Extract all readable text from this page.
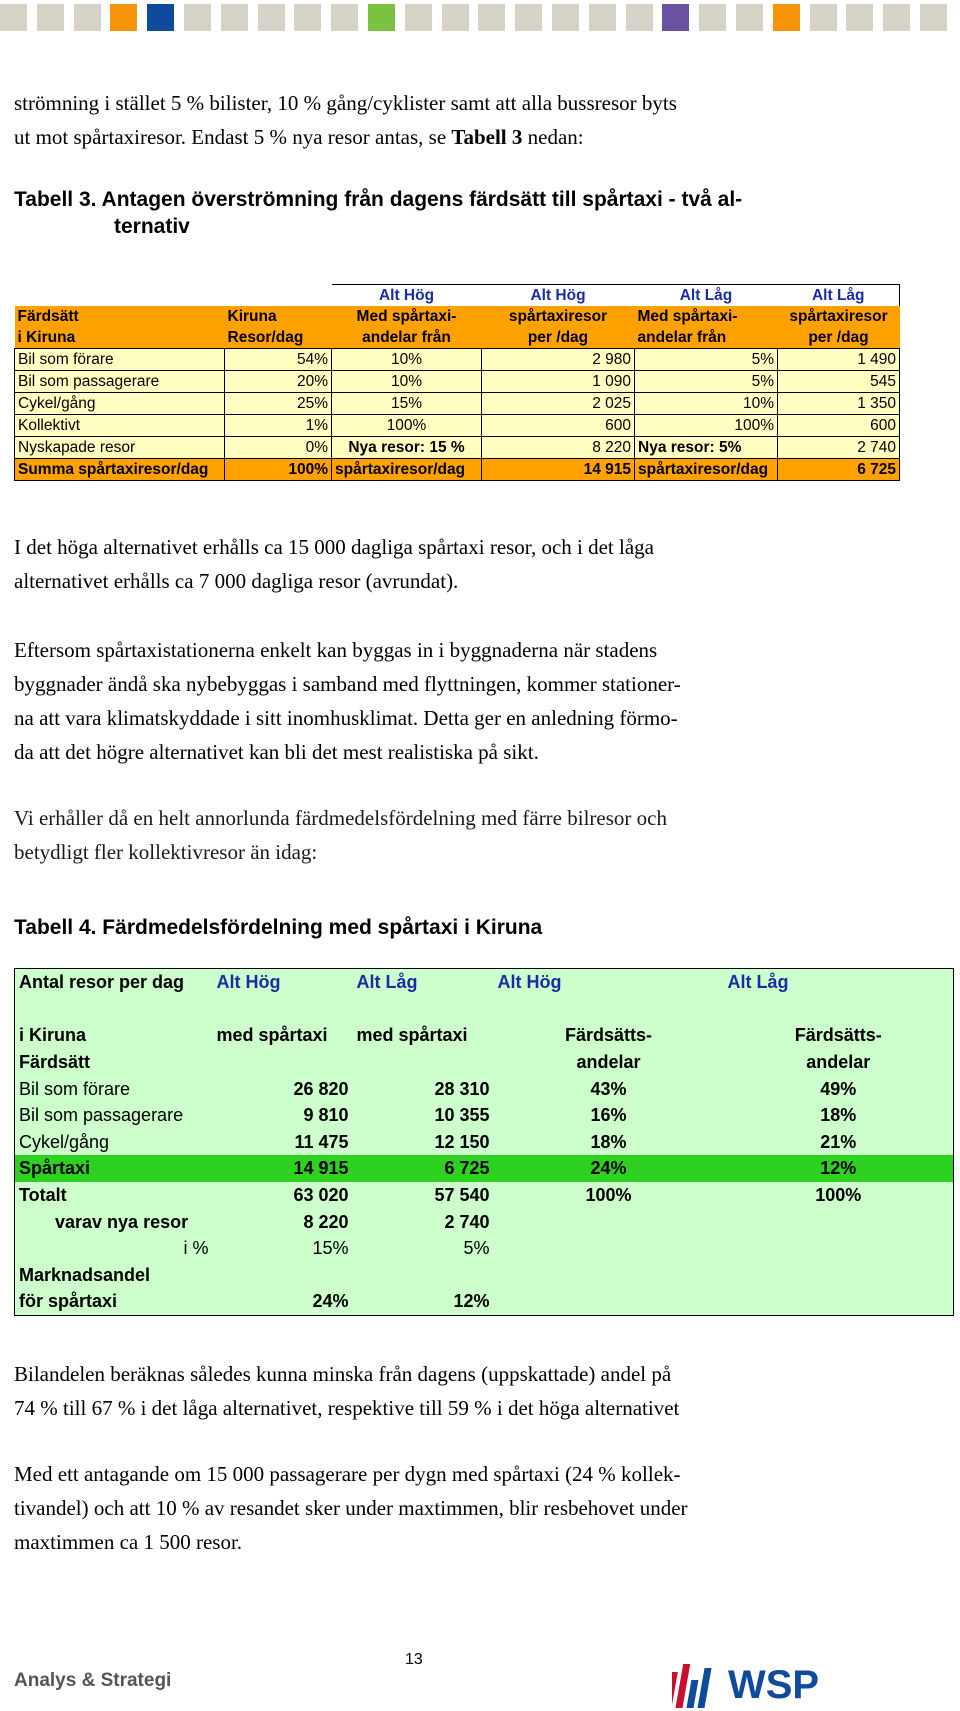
strömning i stället 5 % bilister, 10 % gång/cyklister samt att alla bussresor byts
ut mot spårtaxiresor. Endast 5 % nya resor antas, se Tabell 3 nedan:

Tabell 3. Antagen överströmning från dagens färdsätt till spårtaxi - två al-
ternativ
		Alt Hög	Alt Hög	Alt Låg	Alt Låg
Färdsätt	Kiruna	Med spårtaxi-	spårtaxiresor	Med spårtaxi-	spårtaxiresor
i Kiruna	Resor/dag	andelar från	per /dag	andelar från	per /dag
Bil som förare	54%	10%	2 980	5%	1 490
Bil som passagerare	20%	10%	1 090	5%	545
Cykel/gång	25%	15%	2 025	10%	1 350
Kollektivt	1%	100%	600	100%	600
Nyskapade resor	0%	Nya resor: 15 %	8 220	Nya resor: 5%	2 740
Summa spårtaxiresor/dag	100%	spårtaxiresor/dag	14 915	spårtaxiresor/dag	6 725

I det höga alternativet erhålls ca 15 000 dagliga spårtaxi resor, och i det låga
alternativet erhålls ca 7 000 dagliga resor (avrundat).

Eftersom spårtaxistationerna enkelt kan byggas in i byggnaderna när stadens
byggnader ändå ska nybebyggas i samband med flyttningen, kommer stationer-
na att vara klimatskyddade i sitt inomhusklimat. Detta ger en anledning förmo-
da att det högre alternativet kan bli det mest realistiska på sikt.

Vi erhåller då en helt annorlunda färdmedelsfördelning med färre bilresor och
betydligt fler kollektivresor än idag:

Tabell 4. Färdmedelsfördelning med spårtaxi i Kiruna
Antal resor per dag	Alt Hög	Alt Låg	Alt Hög	Alt Låg

i Kiruna	med spårtaxi	med spårtaxi	Färdsätts-	Färdsätts-
Färdsätt			andelar	andelar
Bil som förare	26 820	28 310	43%	49%
Bil som passagerare	9 810	10 355	16%	18%
Cykel/gång	11 475	12 150	18%	21%
Spårtaxi	14 915	6 725	24%	12%
Totalt	63 020	57 540	100%	100%
varav nya resor	8 220	2 740		
i %	15%	5%		
Marknadsandel				
för spårtaxi	24%	12%		

Bilandelen beräknas således kunna minska från dagens (uppskattade) andel på
74 % till 67 % i det låga alternativet, respektive till 59 % i det höga alternativet

Med ett antagande om 15 000 passagerare per dygn med spårtaxi (24 % kollek-
tivandel) och att 10 % av resandet sker under maxtimmen, blir resbehovet under
maxtimmen ca 1 500 resor.

13
Analys & Strategi	WSP
